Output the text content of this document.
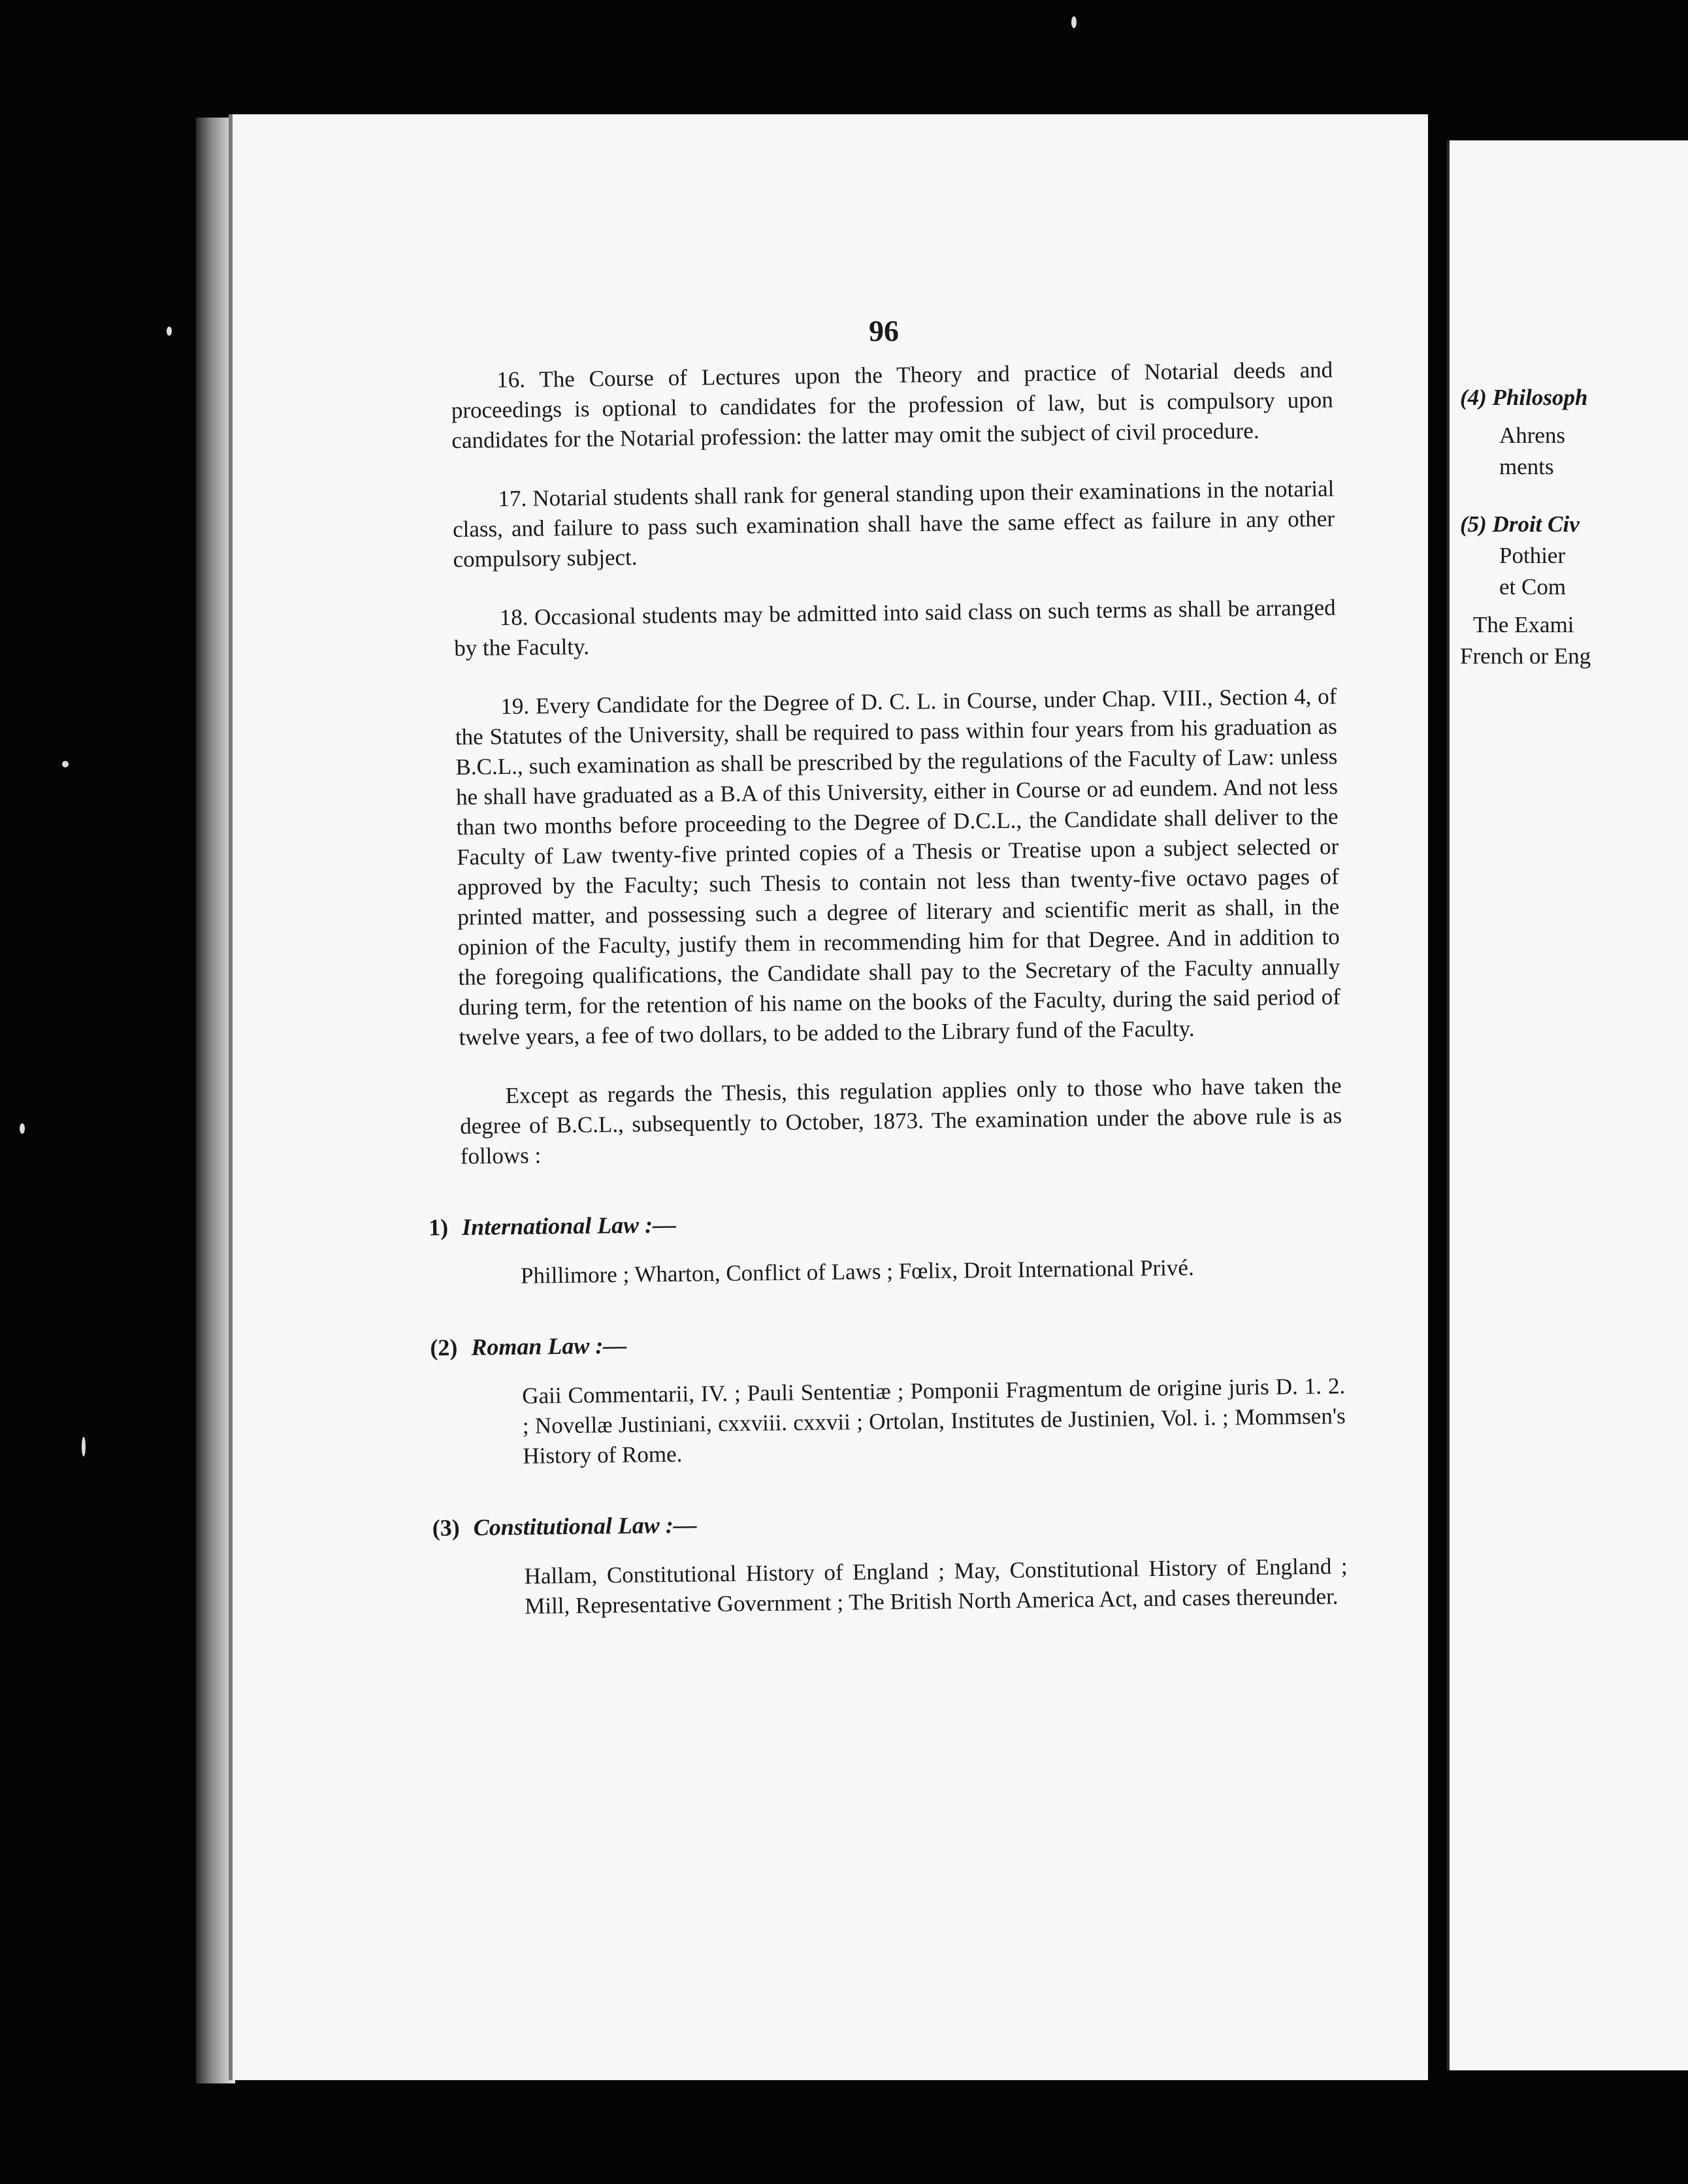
96

16. The Course of Lectures upon the Theory and practice of Notarial deeds and proceedings is optional to candidates for the profession of law, but is compulsory upon candidates for the Notarial profession: the latter may omit the subject of civil procedure.

17. Notarial students shall rank for general standing upon their examinations in the notarial class, and failure to pass such examination shall have the same effect as failure in any other compulsory subject.

18. Occasional students may be admitted into said class on such terms as shall be arranged by the Faculty.

19. Every Candidate for the Degree of D. C. L. in Course, under Chap. VIII., Section 4, of the Statutes of the University, shall be required to pass within four years from his graduation as B.C.L., such examination as shall be prescribed by the regulations of the Faculty of Law: unless he shall have graduated as a B.A of this University, either in Course or ad eundem. And not less than two months before proceeding to the Degree of D.C.L., the Candidate shall deliver to the Faculty of Law twenty-five printed copies of a Thesis or Treatise upon a subject selected or approved by the Faculty; such Thesis to contain not less than twenty-five octavo pages of printed matter, and possessing such a degree of literary and scientific merit as shall, in the opinion of the Faculty, justify them in recommending him for that Degree. And in addition to the foregoing qualifications, the Candidate shall pay to the Secretary of the Faculty annually during term, for the retention of his name on the books of the Faculty, during the said period of twelve years, a fee of two dollars, to be added to the Library fund of the Faculty.

Except as regards the Thesis, this regulation applies only to those who have taken the degree of B.C.L., subsequently to October, 1873. The examination under the above rule is as follows :

1) International Law :—
Phillimore ; Wharton, Conflict of Laws ; Fœlix, Droit International Privé.
(2) Roman Law :—
Gaii Commentarii, IV. ; Pauli Sententiæ ; Pomponii Fragmentum de origine juris D. 1. 2. ; Novellæ Justiniani, cxxviii. cxxvii ; Ortolan, Institutes de Justinien, Vol. i. ; Mommsen's History of Rome.
(3) Constitutional Law :—
Hallam, Constitutional History of England ; May, Constitutional History of England ; Mill, Representative Government ; The British North America Act, and cases thereunder.
(4) Philosoph
Ahrens
ments
(5) Droit Civ
Pothier
et Com
The Exami
French or Eng
